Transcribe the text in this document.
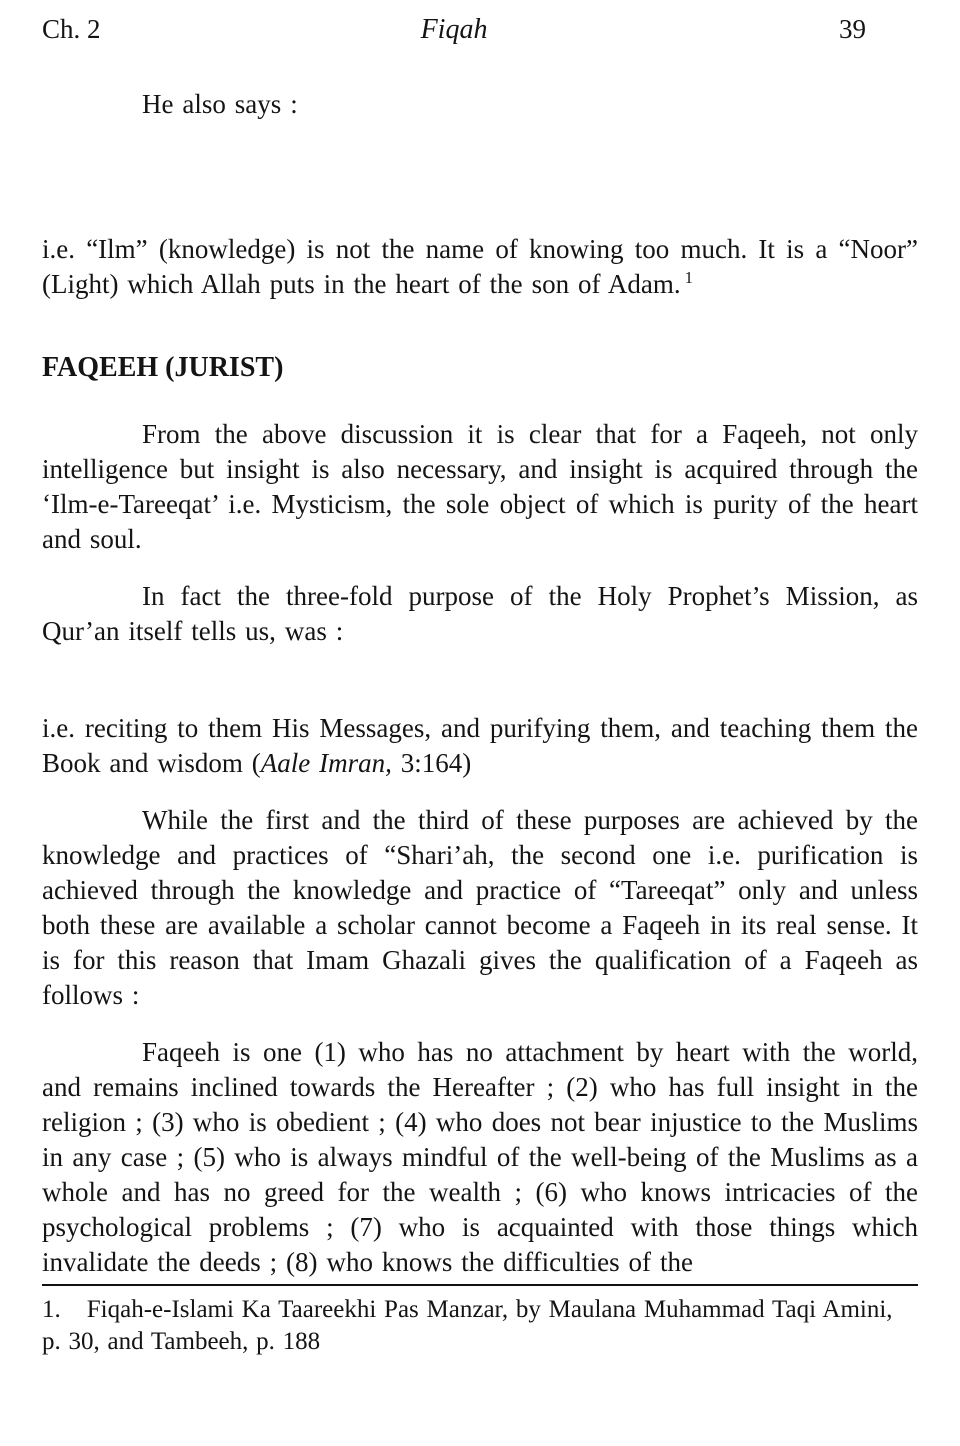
Ch. 2	Fiqah	39

He also says :

i.e. “Ilm” (knowledge) is not the name of knowing too much. It is a “Noor” (Light) which Allah puts in the heart of the son of Adam. $^1$

FAQEEH (JURIST)

From the above discussion it is clear that for a Faqeeh, not only intelligence but insight is also necessary, and insight is acquired through the ‘Ilm-e-Tareeqat’ i.e. Mysticism, the sole object of which is purity of the heart and soul.

In fact the three-fold purpose of the Holy Prophet’s Mission, as Qur’an itself tells us, was :

i.e. reciting to them His Messages, and purifying them, and teaching them the Book and wisdom (Aale Imran, 3:164)

While the first and the third of these purposes are achieved by the knowledge and practices of “Shari’ah, the second one i.e. purification is achieved through the knowledge and practice of “Tareeqat” only and unless both these are available a scholar cannot become a Faqeeh in its real sense. It is for this reason that Imam Ghazali gives the qualification of a Faqeeh as follows :

Faqeeh is one (1) who has no attachment by heart with the world, and remains inclined towards the Hereafter ; (2) who has full insight in the religion ; (3) who is obedient ; (4) who does not bear injustice to the Muslims in any case ; (5) who is always mindful of the well-being of the Muslims as a whole and has no greed for the wealth ; (6) who knows intricacies of the psychological problems ; (7) who is acquainted with those things which invalidate the deeds ; (8) who knows the difficulties of the

1. Fiqah-e-Islami Ka Taareekhi Pas Manzar, by Maulana Muhammad Taqi Amini, p. 30, and Tambeeh, p. 188
